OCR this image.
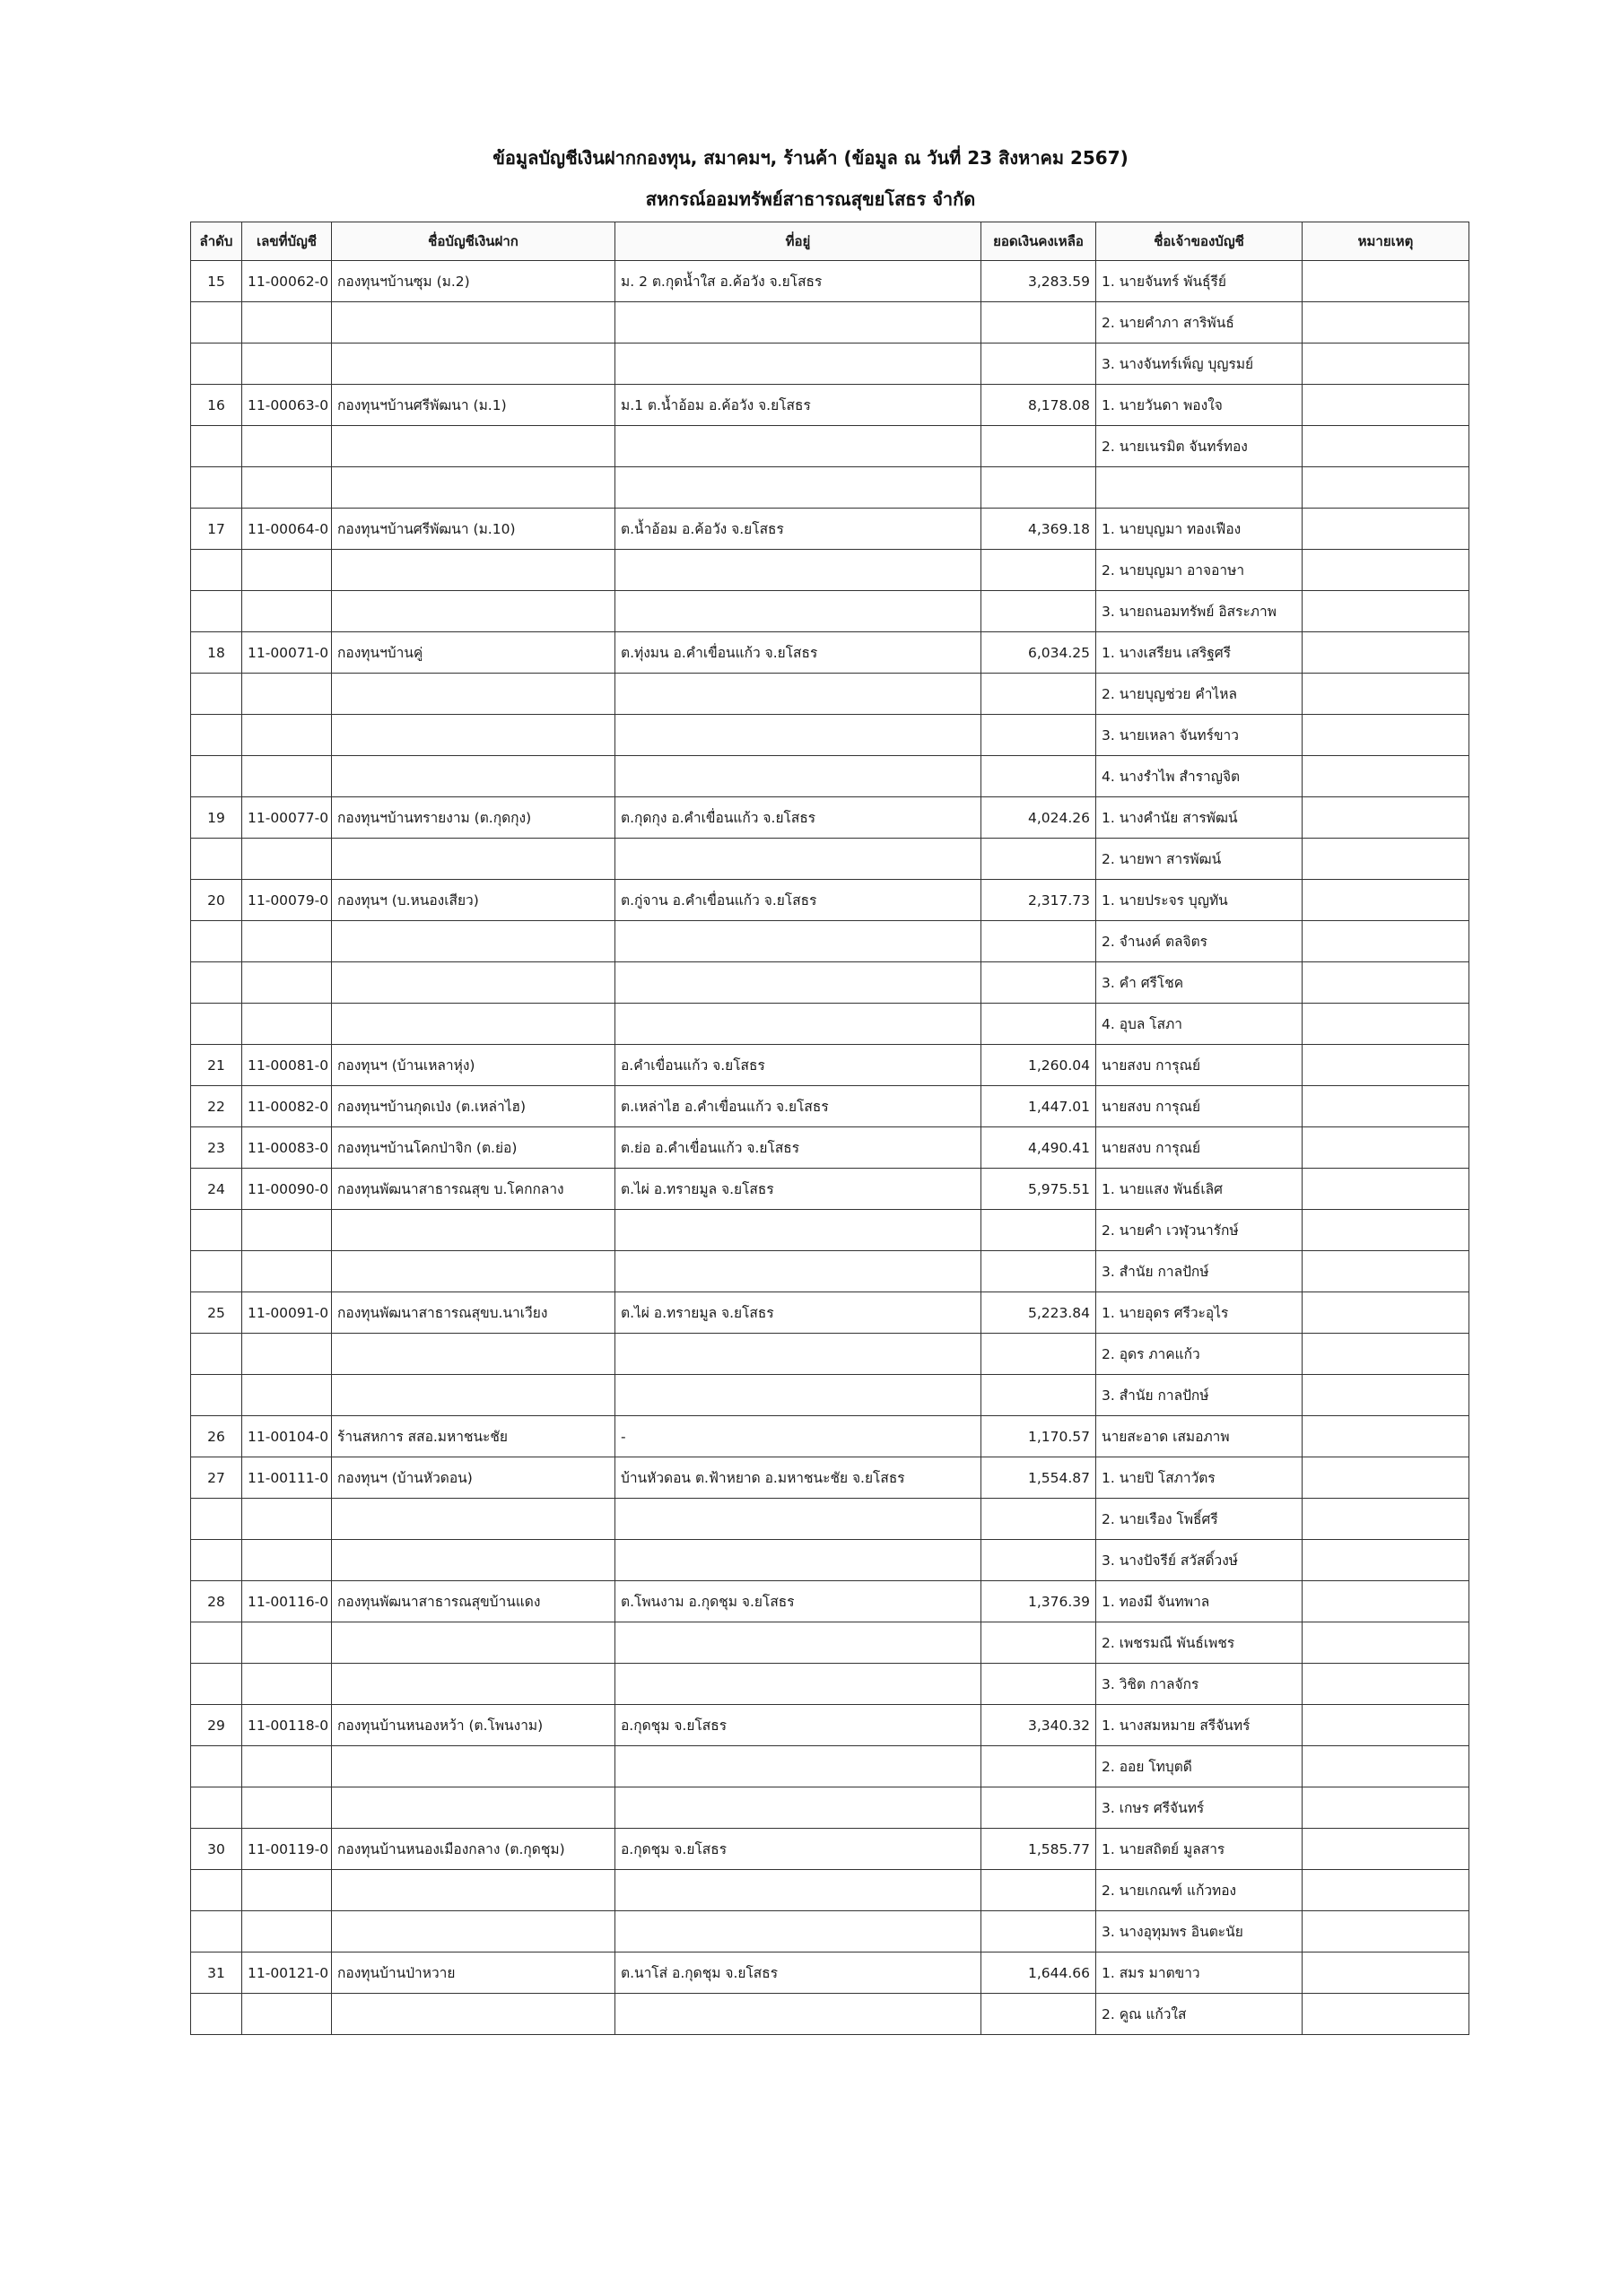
ข้อมูลบัญชีเงินฝากกองทุน, สมาคมฯ, ร้านค้า (ข้อมูล ณ วันที่ 23 สิงหาคม 2567)
สหกรณ์ออมทรัพย์สาธารณสุขยโสธร จำกัด
ลำดับ	เลขที่บัญชี	ชื่อบัญชีเงินฝาก	ที่อยู่	ยอดเงินคงเหลือ	ชื่อเจ้าของบัญชี	หมายเหตุ
15	11-00062-0	กองทุนฯบ้านซุม (ม.2)	ม. 2 ต.กุดน้ำใส อ.ค้อวัง จ.ยโสธร	3,283.59	1. นายจันทร์ พันธุ์รีย์	
					2. นายคำภา สาริพันธ์	
					3. นางจันทร์เพ็ญ บุญรมย์	
16	11-00063-0	กองทุนฯบ้านศรีพัฒนา (ม.1)	ม.1 ต.น้ำอ้อม อ.ค้อวัง จ.ยโสธร	8,178.08	1. นายวันดา พองใจ	
					2. นายเนรมิต จันทร์ทอง	

17	11-00064-0	กองทุนฯบ้านศรีพัฒนา (ม.10)	ต.น้ำอ้อม อ.ค้อวัง จ.ยโสธร	4,369.18	1. นายบุญมา ทองเฟือง	
					2. นายบุญมา อาจอาษา	
					3. นายถนอมทรัพย์ อิสระภาพ	
18	11-00071-0	กองทุนฯบ้านคู่	ต.ทุ่งมน อ.คำเขื่อนแก้ว จ.ยโสธร	6,034.25	1. นางเสรียน เสริฐศรี	
					2. นายบุญช่วย คำไหล	
					3. นายเหลา จันทร์ขาว	
					4. นางรำไพ สำราญจิต	
19	11-00077-0	กองทุนฯบ้านทรายงาม (ต.กุดกุง)	ต.กุดกุง อ.คำเขื่อนแก้ว จ.ยโสธร	4,024.26	1. นางคำนัย สารพัฒน์	
					2. นายพา สารพัฒน์	
20	11-00079-0	กองทุนฯ (บ.หนองเสียว)	ต.กู่จาน อ.คำเขื่อนแก้ว จ.ยโสธร	2,317.73	1. นายประจร บุญทัน	
					2. จำนงค์ ตลจิตร	
					3. คำ ศรีโชค	
					4. อุบล โสภา	
21	11-00081-0	กองทุนฯ (บ้านเหลาหุ่ง)	อ.คำเขื่อนแก้ว จ.ยโสธร	1,260.04	นายสงบ การุณย์	
22	11-00082-0	กองทุนฯบ้านกุดเป่ง (ต.เหล่าไฮ)	ต.เหล่าไฮ อ.คำเขื่อนแก้ว จ.ยโสธร	1,447.01	นายสงบ การุณย์	
23	11-00083-0	กองทุนฯบ้านโคกป่าจิก (ต.ย่อ)	ต.ย่อ อ.คำเขื่อนแก้ว จ.ยโสธร	4,490.41	นายสงบ การุณย์	
24	11-00090-0	กองทุนพัฒนาสาธารณสุข บ.โคกกลาง	ต.ไผ่ อ.ทรายมูล จ.ยโสธร	5,975.51	1. นายแสง พันธ์เลิศ	
					2. นายคำ เวฬุวนารักษ์	
					3. สำนัย กาลปักษ์	
25	11-00091-0	กองทุนพัฒนาสาธารณสุขบ.นาเวียง	ต.ไผ่ อ.ทรายมูล จ.ยโสธร	5,223.84	1. นายอุดร ศรีวะอุไร	
					2. อุดร ภาคแก้ว	
					3. สำนัย กาลปักษ์	
26	11-00104-0	ร้านสหการ สสอ.มหาชนะชัย	-	1,170.57	นายสะอาด เสมอภาพ	
27	11-00111-0	กองทุนฯ (บ้านหัวดอน)	บ้านหัวดอน ต.ฟ้าหยาด อ.มหาชนะชัย จ.ยโสธร	1,554.87	1. นายปิ โสภาวัตร	
					2. นายเรือง โพธิ์ศรี	
					3. นางปัจรีย์ สวัสดิ์วงษ์	
28	11-00116-0	กองทุนพัฒนาสาธารณสุขบ้านแดง	ต.โพนงาม อ.กุดชุม จ.ยโสธร	1,376.39	1. ทองมี จันทพาล	
					2. เพชรมณี พันธ์เพชร	
					3. วิชิต กาลจักร	
29	11-00118-0	กองทุนบ้านหนองหว้า (ต.โพนงาม)	อ.กุดชุม จ.ยโสธร	3,340.32	1. นางสมหมาย สรีจันทร์	
					2. ออย โทบุตดี	
					3. เกษร ศรีจันทร์	
30	11-00119-0	กองทุนบ้านหนองเมืองกลาง (ต.กุดชุม)	อ.กุดชุม จ.ยโสธร	1,585.77	1. นายสถิตย์ มูลสาร	
					2. นายเกณฑ์ แก้วทอง	
					3. นางอุทุมพร อินตะนัย	
31	11-00121-0	กองทุนบ้านป่าหวาย	ต.นาโส่ อ.กุดชุม จ.ยโสธร	1,644.66	1. สมร มาตขาว	
					2. คูณ แก้วใส	
